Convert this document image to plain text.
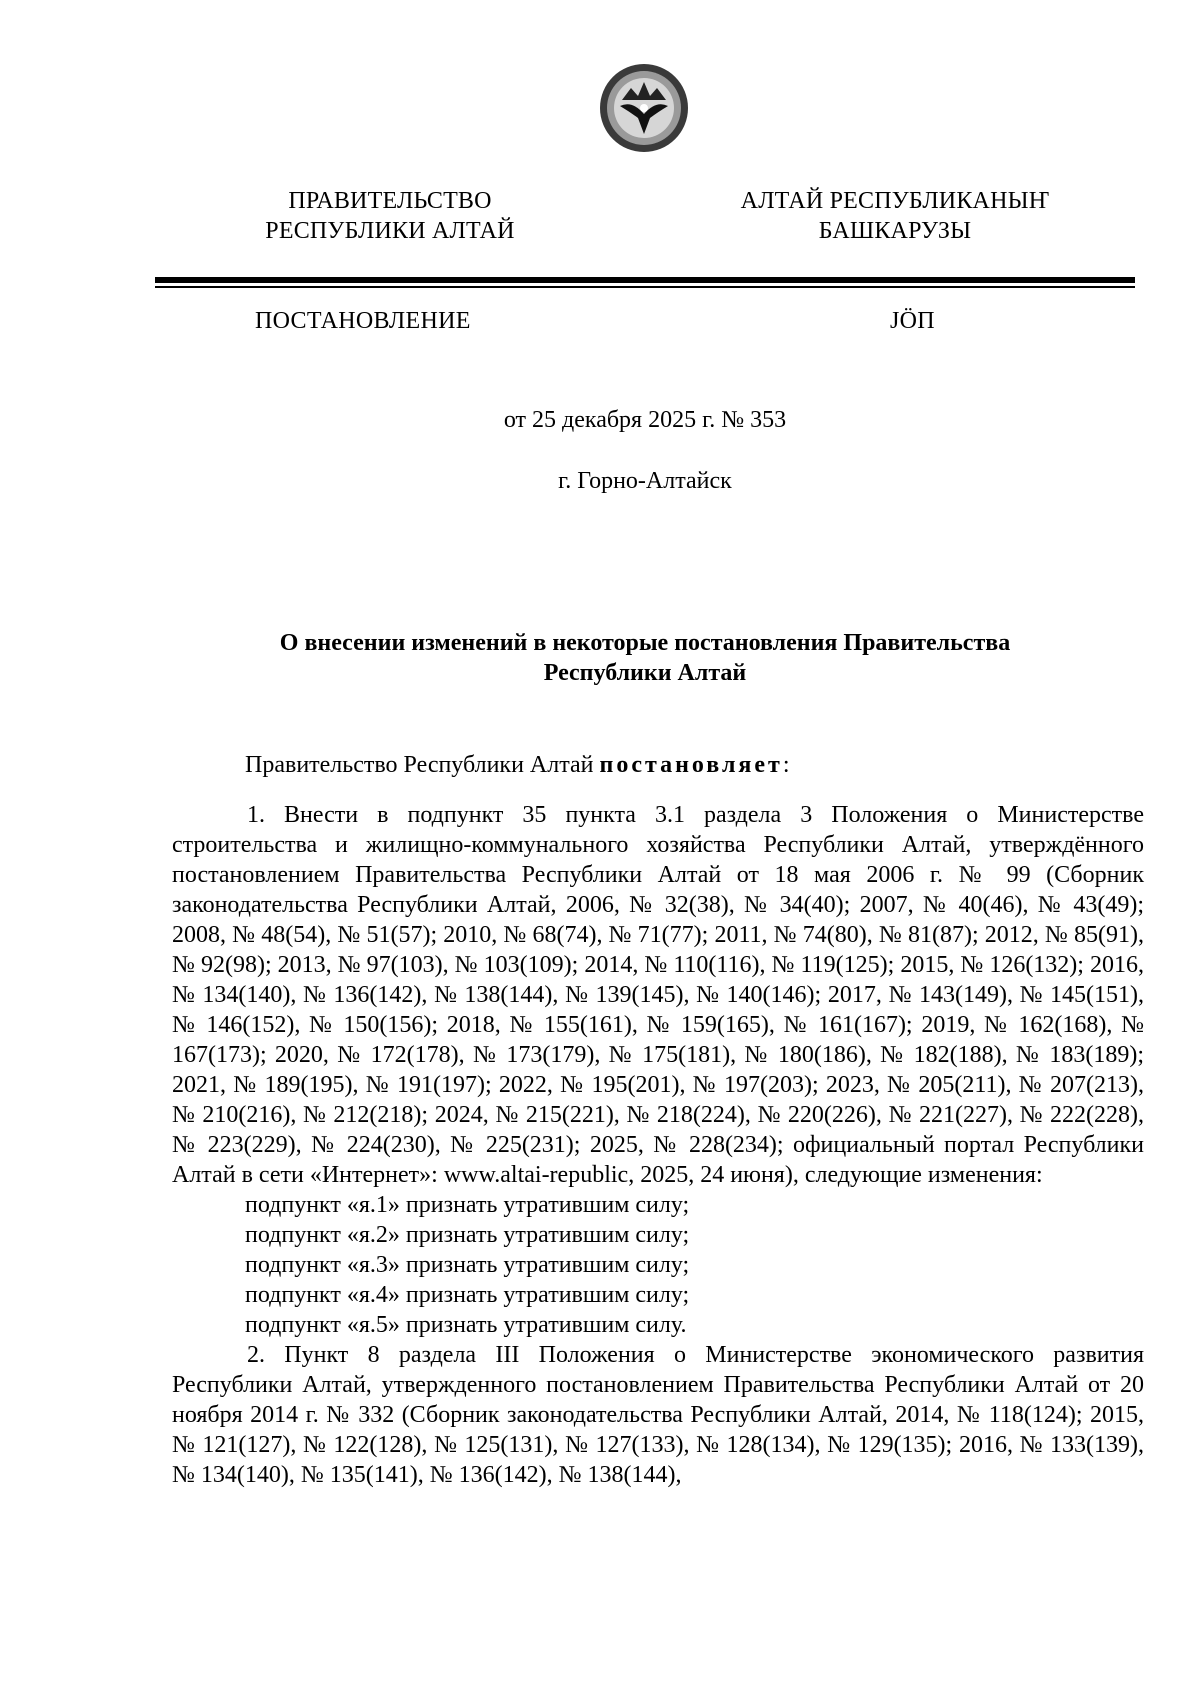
ПРАВИТЕЛЬСТВО
РЕСПУБЛИКИ АЛТАЙ
АЛТАЙ РЕСПУБЛИКАНЫҤ
БАШКАРУЗЫ
ПОСТАНОВЛЕНИЕ	JÖП
от 25 декабря 2025 г. № 353
г. Горно-Алтайск
О внесении изменений в некоторые постановления Правительства
Республики Алтай
Правительство Республики Алтай постановляет:

1. Внести в подпункт 35 пункта 3.1 раздела 3 Положения о Министерстве строительства и жилищно-коммунального хозяйства Республики Алтай, утверждённого постановлением Правительства Республики Алтай от 18 мая 2006 г. № 99 (Сборник законодательства Республики Алтай, 2006, № 32(38), № 34(40); 2007, № 40(46), № 43(49); 2008, № 48(54), № 51(57); 2010, № 68(74), № 71(77); 2011, № 74(80), № 81(87); 2012, № 85(91), № 92(98); 2013, № 97(103), № 103(109); 2014, № 110(116), № 119(125); 2015, № 126(132); 2016, № 134(140), № 136(142), № 138(144), № 139(145), № 140(146); 2017, № 143(149), № 145(151), № 146(152), № 150(156); 2018, № 155(161), № 159(165), № 161(167); 2019, № 162(168), № 167(173); 2020, № 172(178), № 173(179), № 175(181), № 180(186), № 182(188), № 183(189); 2021, № 189(195), № 191(197); 2022, № 195(201), № 197(203); 2023, № 205(211), № 207(213), № 210(216), № 212(218); 2024, № 215(221), № 218(224), № 220(226), № 221(227), № 222(228), № 223(229), № 224(230), № 225(231); 2025, № 228(234); официальный портал Республики Алтай в сети «Интернет»: www.altai-republic, 2025, 24 июня), следующие изменения:

подпункт «я.1» признать утратившим силу;

подпункт «я.2» признать утратившим силу;

подпункт «я.3» признать утратившим силу;

подпункт «я.4» признать утратившим силу;

подпункт «я.5» признать утратившим силу.

2. Пункт 8 раздела III Положения о Министерстве экономического развития Республики Алтай, утвержденного постановлением Правительства Республики Алтай от 20 ноября 2014 г. № 332 (Сборник законодательства Республики Алтай, 2014, № 118(124); 2015, № 121(127), № 122(128), № 125(131), № 127(133), № 128(134), № 129(135); 2016, № 133(139), № 134(140), № 135(141), № 136(142), № 138(144),
